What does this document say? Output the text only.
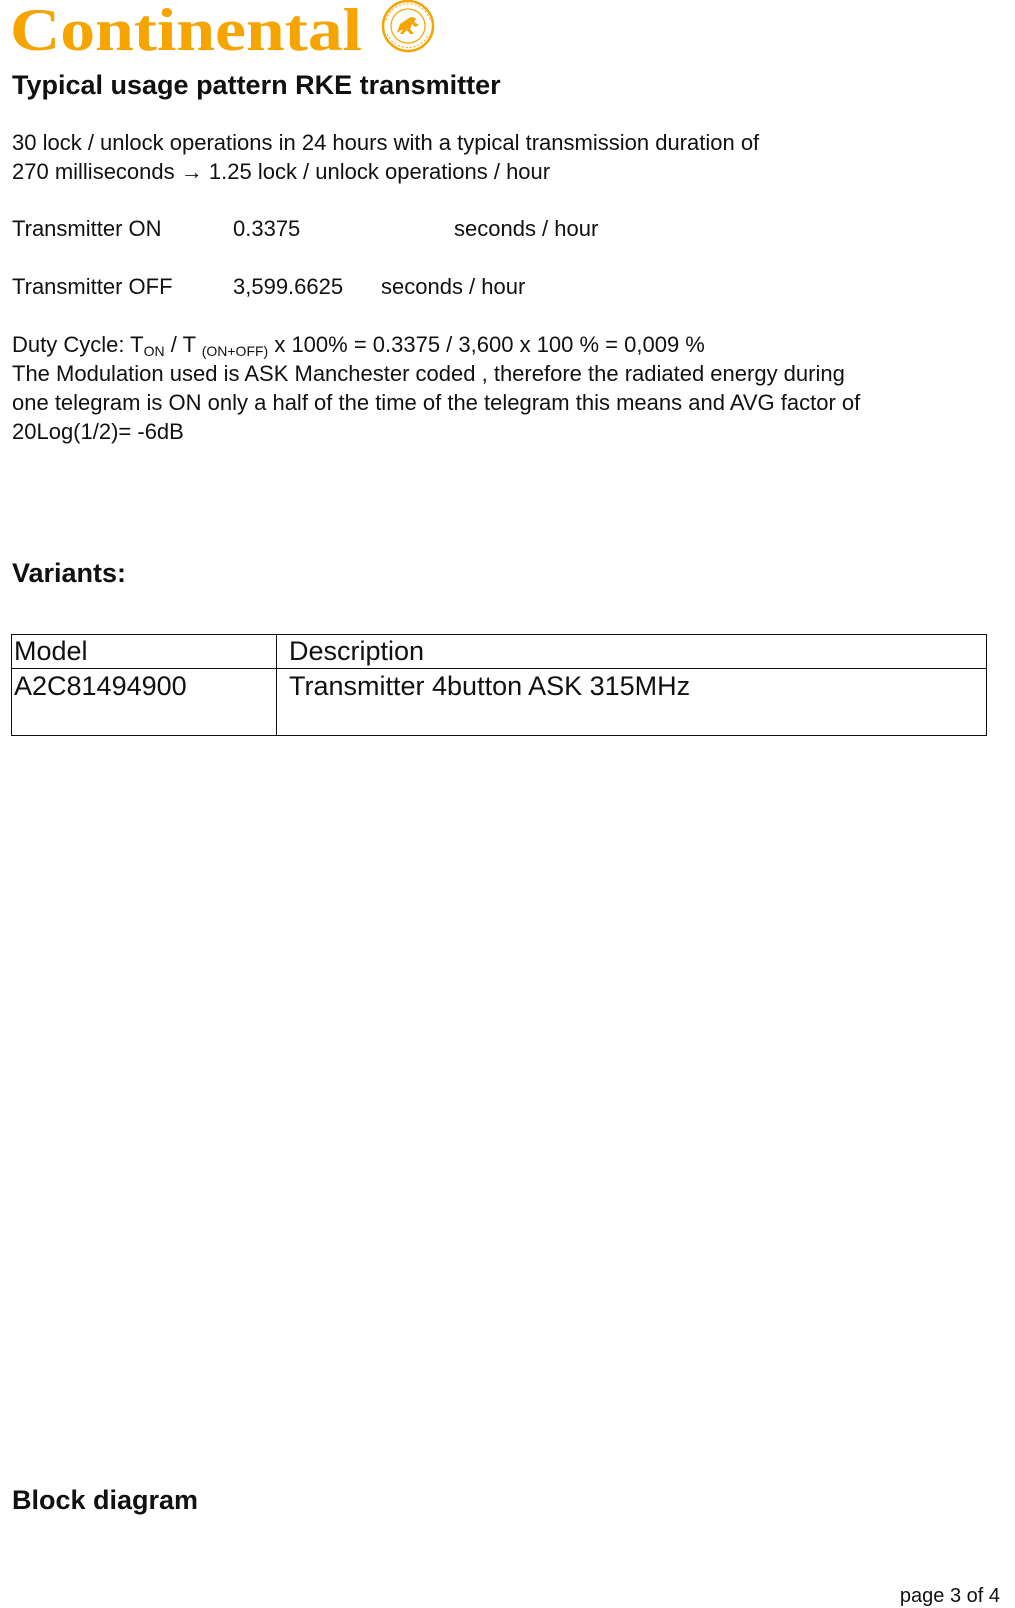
Continental
Typical usage pattern RKE transmitter
30 lock / unlock operations in 24 hours with a typical transmission duration of
270 milliseconds → 1.25 lock / unlock operations / hour
Transmitter ON	0.3375	seconds / hour
Transmitter OFF	3,599.6625 seconds / hour
Duty Cycle: $T_{ON}$ / T $_{(ON+OFF)}$ x 100% = 0.3375 / 3,600 x 100 % = 0,009 %
The Modulation used is ASK Manchester coded , therefore the radiated energy during
one telegram is ON only a half of the time of the telegram this means and AVG factor of
20Log(1/2)= -6dB
Variants:
Model	Description
A2C81494900	Transmitter 4button ASK 315MHz
Block diagram
page 3 of 4
